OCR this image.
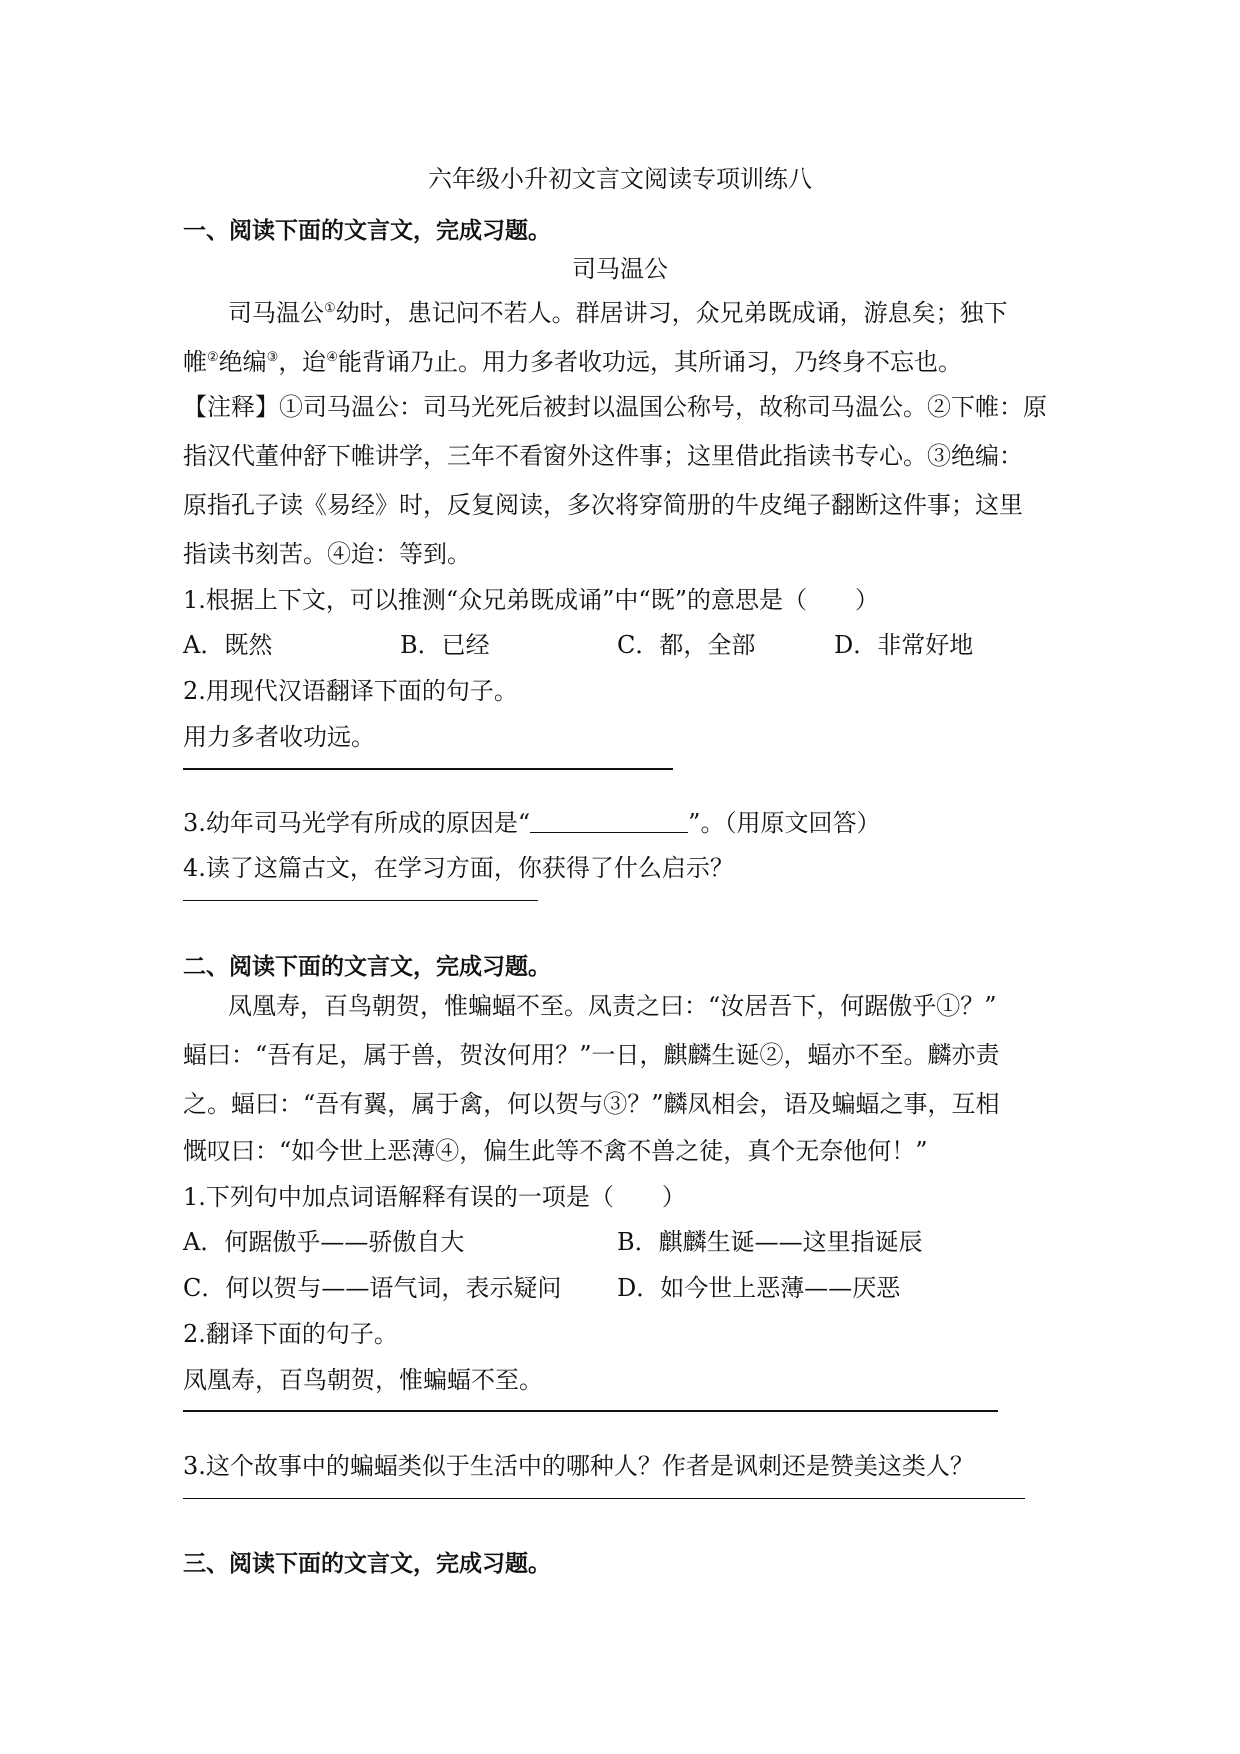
六年级小升初文言文阅读专项训练八
一、阅读下面的文言文，完成习题。
司马温公
司马温公①幼时，患记问不若人。群居讲习，众兄弟既成诵，游息矣；独下
帷②绝编③，迨④能背诵乃止。用力多者收功远，其所诵习，乃终身不忘也。
【注释】①司马温公：司马光死后被封以温国公称号，故称司马温公。②下帷：原
指汉代董仲舒下帷讲学，三年不看窗外这件事；这里借此指读书专心。③绝编：
原指孔子读《易经》时，反复阅读，多次将穿简册的牛皮绳子翻断这件事；这里
指读书刻苦。④迨：等到。
1.根据上下文，可以推测“众兄弟既成诵”中“既”的意思是（　　）
A．既然	B．已经	C．都，全部	D．非常好地
2.用现代汉语翻译下面的句子。
用力多者收功远。
3.幼年司马光学有所成的原因是“	”。（用原文回答）
4.读了这篇古文，在学习方面，你获得了什么启示？
二、阅读下面的文言文，完成习题。
凤凰寿，百鸟朝贺，惟蝙蝠不至。凤责之曰：“汝居吾下，何踞傲乎①？”
蝠曰：“吾有足，属于兽，贺汝何用？”一日，麒麟生诞②，蝠亦不至。麟亦责
之。蝠曰：“吾有翼，属于禽，何以贺与③？”麟凤相会，语及蝙蝠之事，互相
慨叹曰：“如今世上恶薄④，偏生此等不禽不兽之徒，真个无奈他何！”
1.下列句中加点词语解释有误的一项是（　　）
A．何踞傲乎——骄傲自大	B．麒麟生诞——这里指诞辰
C．何以贺与——语气词，表示疑问 D．如今世上恶薄——厌恶
2.翻译下面的句子。
凤凰寿，百鸟朝贺，惟蝙蝠不至。
3.这个故事中的蝙蝠类似于生活中的哪种人？作者是讽刺还是赞美这类人？
三、阅读下面的文言文，完成习题。
